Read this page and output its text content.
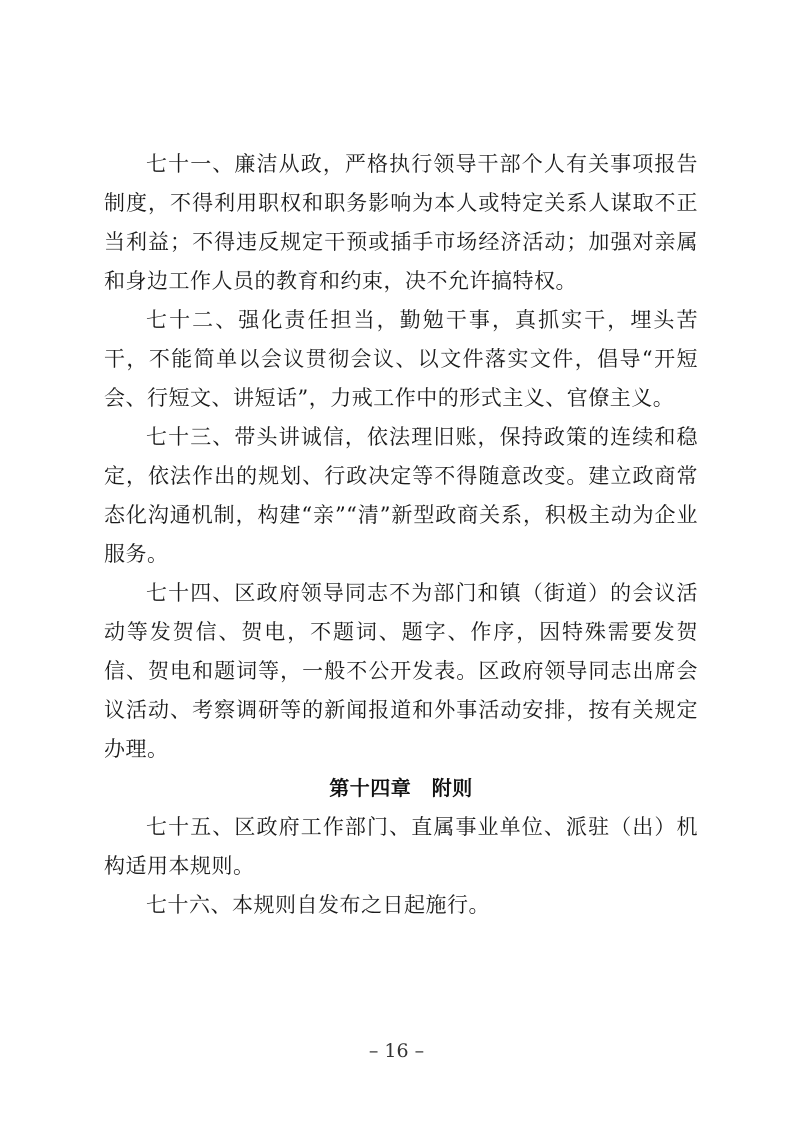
七十一、廉洁从政，严格执行领导干部个人有关事项报告制度，不得利用职权和职务影响为本人或特定关系人谋取不正当利益；不得违反规定干预或插手市场经济活动；加强对亲属和身边工作人员的教育和约束，决不允许搞特权。

七十二、强化责任担当，勤勉干事，真抓实干，埋头苦干，不能简单以会议贯彻会议、以文件落实文件，倡导“开短会、行短文、讲短话”，力戒工作中的形式主义、官僚主义。

七十三、带头讲诚信，依法理旧账，保持政策的连续和稳定，依法作出的规划、行政决定等不得随意改变。建立政商常态化沟通机制，构建“亲”“清”新型政商关系，积极主动为企业服务。

七十四、区政府领导同志不为部门和镇（街道）的会议活动等发贺信、贺电，不题词、题字、作序，因特殊需要发贺信、贺电和题词等，一般不公开发表。区政府领导同志出席会议活动、考察调研等的新闻报道和外事活动安排，按有关规定办理。

第十四章　附则

七十五、区政府工作部门、直属事业单位、派驻（出）机构适用本规则。

七十六、本规则自发布之日起施行。

– 16 –
